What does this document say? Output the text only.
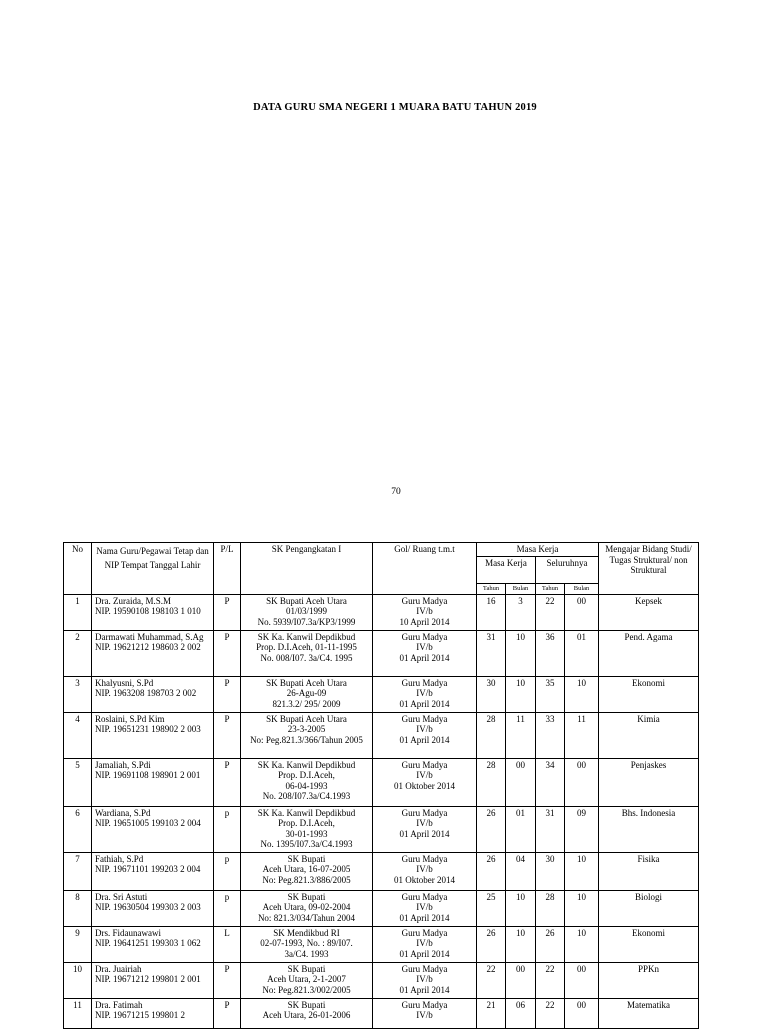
DATA GURU SMA NEGERI 1 MUARA BATU TAHUN 2019
70
No	Nama Guru/Pegawai Tetap dan NIP Tempat Tanggal Lahir	P/L	SK Pengangkatan I	Gol/ Ruang t.m.t	Masa Kerja				Mengajar Bidang Studi/ Tugas Struktural/ non Struktural
					Masa Kerja		Seluruhnya		
					Tahun	Bulan	Tahun	Bulan	
1	Dra. Zuraida, M.S.M
NIP. 19590108 198103 1 010	P	SK Bupati Aceh Utara
01/03/1999
No. 5939/I07.3a/KP3/1999	Guru Madya
IV/b
10 April 2014	16	3	22	00	Kepsek
2	Darmawati Muhammad, S.Ag
NIP. 19621212 198603 2 002	P	SK Ka. Kanwil Depdikbud
Prop. D.I.Aceh, 01-11-1995
No. 008/I07. 3a/C4. 1995	Guru Madya
IV/b
01 April 2014	31	10	36	01	Pend. Agama
3	Khalyusni, S.Pd
NIP. 1963208 198703 2 002	P	SK Bupati Aceh Utara
26-Agu-09
821.3.2/ 295/ 2009	Guru Madya
IV/b
01 April 2014	30	10	35	10	Ekonomi
4	Roslaini, S.Pd Kim
NIP. 19651231 198902 2 003	P	SK Bupati Aceh Utara
23-3-2005
No: Peg.821.3/366/Tahun 2005	Guru Madya
IV/b
01 April 2014	28	11	33	11	Kimia
5	Jamaliah, S.Pdi
NIP. 19691108 198901 2 001	P	SK Ka. Kanwil Depdikbud
Prop. D.I.Aceh,
06-04-1993
No. 208/I07.3a/C4.1993	Guru Madya
IV/b
01 Oktober 2014	28	00	34	00	Penjaskes
6	Wardiana, S.Pd
NIP. 19651005 199103 2 004	p	SK Ka. Kanwil Depdikbud
Prop. D.I.Aceh,
30-01-1993
No. 1395/I07.3a/C4.1993	Guru Madya
IV/b
01 April 2014	26	01	31	09	Bhs. Indonesia
7	Fathiah, S.Pd
NIP. 19671101 199203 2 004	p	SK Bupati
Aceh Utara, 16-07-2005
No: Peg.821.3/886/2005	Guru Madya
IV/b
01 Oktober 2014	26	04	30	10	Fisika
8	Dra. Sri Astuti
NIP. 19630504 199303 2 003	p	SK Bupati
Aceh Utara, 09-02-2004
No: 821.3/034/Tahun 2004	Guru Madya
IV/b
01 April 2014	25	10	28	10	Biologi
9	Drs. Fidaunawawi
NIP. 19641251 199303 1 062	L	SK Mendikbud RI
02-07-1993, No. : 89/I07.
3a/C4. 1993	Guru Madya
IV/b
01 April 2014	26	10	26	10	Ekonomi
10	Dra. Juairiah
NIP. 19671212 199801 2 001	P	SK Bupati
Aceh Utara, 2-1-2007
No: Peg.821.3/002/2005	Guru Madya
IV/b
01 April 2014	22	00	22	00	PPKn
11	Dra. Fatimah
NIP. 19671215 199801 2	P	SK Bupati
Aceh Utara, 26-01-2006	Guru Madya
IV/b	21	06	22	00	Matematika
